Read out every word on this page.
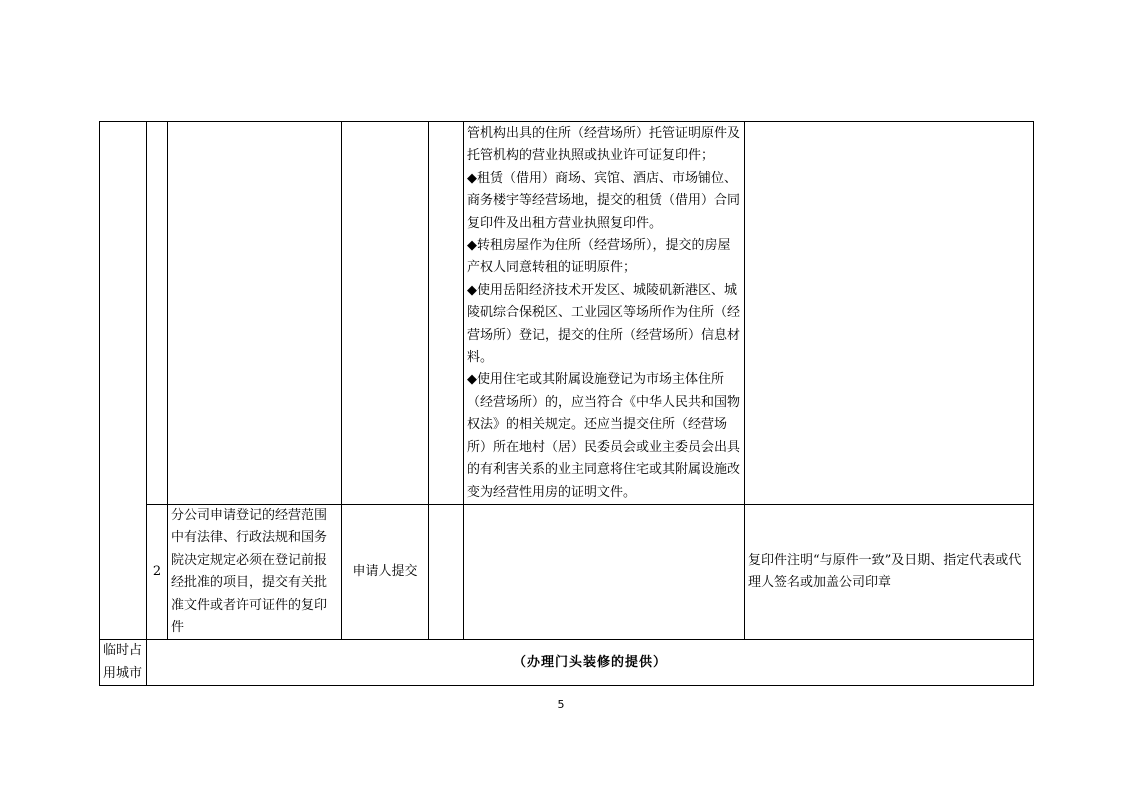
					管机构出具的住所（经营场所）托管证明原件及托管机构的营业执照或执业许可证复印件；
◆租赁（借用）商场、宾馆、酒店、市场铺位、商务楼宇等经营场地，提交的租赁（借用）合同复印件及出租方营业执照复印件。
◆转租房屋作为住所（经营场所），提交的房屋产权人同意转租的证明原件；
◆使用岳阳经济技术开发区、城陵矶新港区、城陵矶综合保税区、工业园区等场所作为住所（经营场所）登记，提交的住所（经营场所）信息材料。
◆使用住宅或其附属设施登记为市场主体住所（经营场所）的，应当符合《中华人民共和国物权法》的相关规定。还应当提交住所（经营场所）所在地村（居）民委员会或业主委员会出具的有利害关系的业主同意将住宅或其附属设施改变为经营性用房的证明文件。	

	2	分公司申请登记的经营范围中有法律、行政法规和国务院决定规定必须在登记前报经批准的项目，提交有关批准文件或者许可证件的复印件	申请人提交			复印件注明“与原件一致”及日期、指定代表或代理人签名或加盖公司印章
临时占用城市	（办理门头装修的提供）					
5
